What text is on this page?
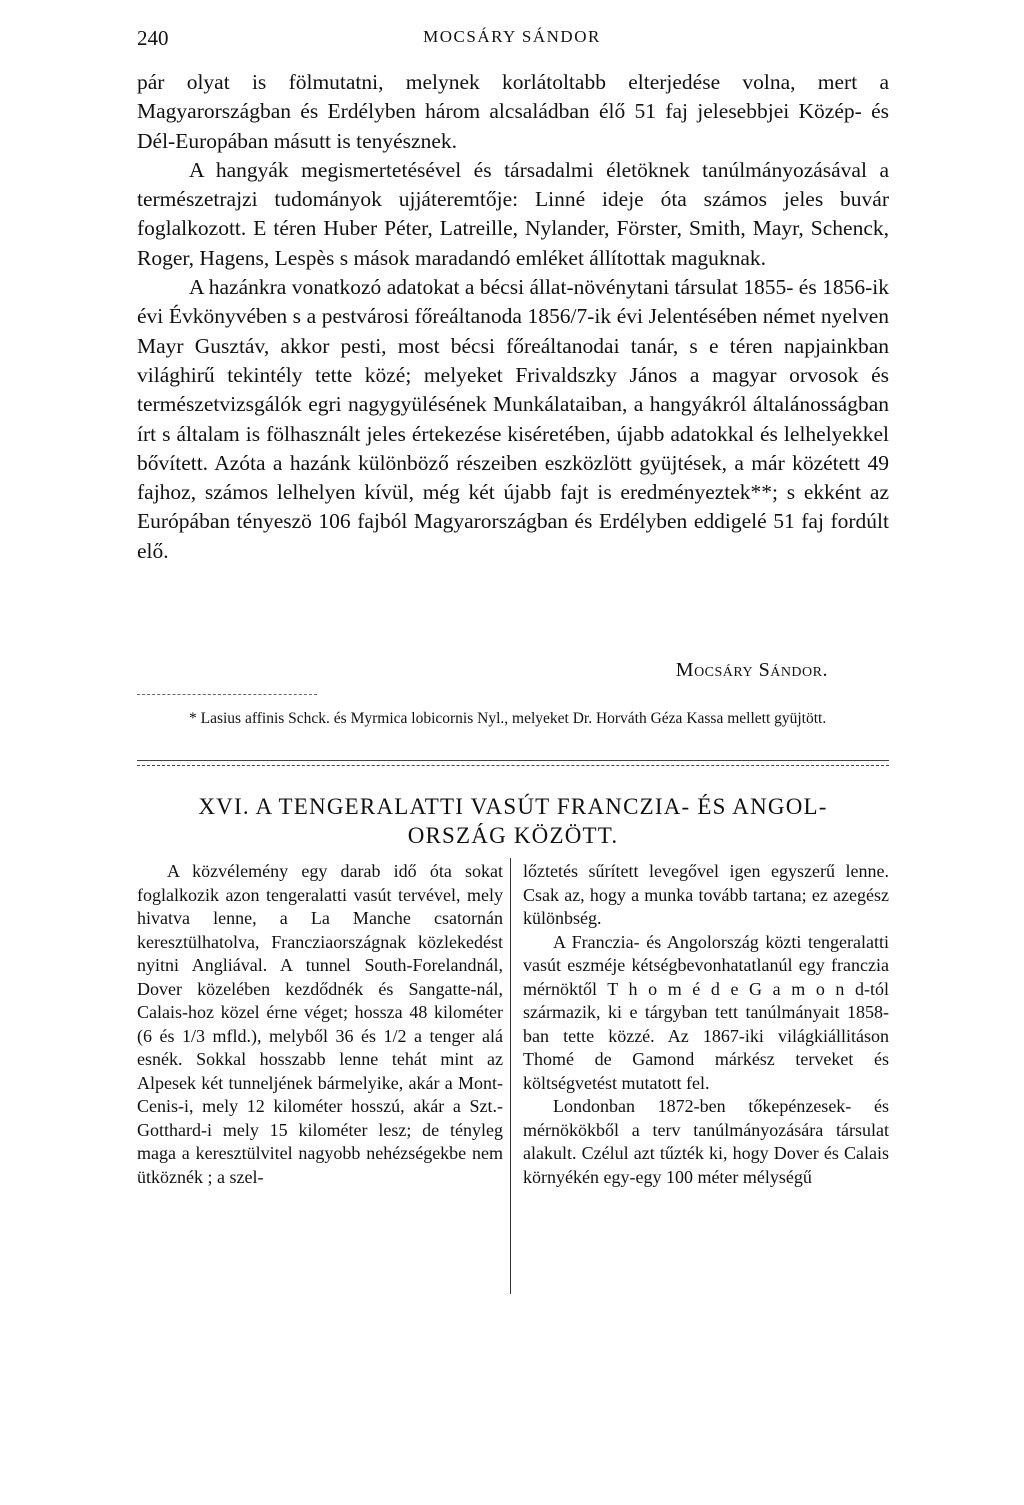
240	MOCSÁRY SÁNDOR

pár olyat is fölmutatni, melynek korlátoltabb elterjedése volna, mert a Magyarországban és Erdélyben három alcsaládban élő 51 faj jelesebbjei Közép- és Dél-Europában másutt is tenyésznek.

A hangyák megismertetésével és társadalmi életöknek tanúlmányozásával a természetrajzi tudományok ujjáteremtője: Linné ideje óta számos jeles buvár foglalkozott. E téren Huber Péter, Latreille, Nylander, Förster, Smith, Mayr, Schenck, Roger, Hagens, Lespès s mások maradandó emléket állítottak maguknak.

A hazánkra vonatkozó adatokat a bécsi állat-növénytani társulat 1855- és 1856-ik évi Évkönyvében s a pestvárosi főreáltanoda 1856/7-ik évi Jelentésében német nyelven Mayr Gusztáv, akkor pesti, most bécsi főreáltanodai tanár, s e téren napjainkban világhirű tekintély tette közé; melyeket Frivaldszky János a magyar orvosok és természetvizsgálók egri nagygyülésének Munkálataiban, a hangyákról általánosságban írt s általam is fölhasznált jeles értekezése kiséretében, újabb adatokkal és lelhelyekkel bővített. Azóta a hazánk különböző részeiben eszközlött gyüjtések, a már közétett 49 fajhoz, számos lelhelyen kívül, még két újabb fajt is eredményeztek**; s ekként az Európában tényeszö 106 fajból Magyarországban és Erdélyben eddigelé 51 faj fordúlt elő.

Mocsáry Sándor.
* Lasius affinis Schck. és Myrmica lobicornis Nyl., melyeket Dr. Horváth Géza Kassa mellett gyüjtött.
XVI. A TENGERALATTI VASÚT FRANCZIA- ÉS ANGOL-
ORSZÁG KÖZÖTT.

A közvélemény egy darab idő óta sokat foglalkozik azon tengeralatti vasút tervével, mely hivatva lenne, a La Manche csatornán keresztülhatolva, Francziaországnak közlekedést nyitni Angliával. A tunnel South-Forelandnál, Dover közelében kezdődnék és Sangatte-nál, Calais-hoz közel érne véget; hossza 48 kilométer (6 és 1/3 mfld.), melyből 36 és 1/2 a tenger alá esnék. Sokkal hosszabb lenne tehát mint az Alpesek két tunneljének bármelyike, akár a Mont-Cenis-i, mely 12 kilométer hosszú, akár a Szt.-Gotthard-i mely 15 kilométer lesz; de tényleg maga a keresztülvitel nagyobb nehézségekbe nem ütköznék ; a szel-

lőztetés sűrített levegővel igen egyszerű lenne. Csak az, hogy a munka tovább tartana; ez azegész különbség.

A Franczia- és Angolország közti tengeralatti vasút eszméje kétségbevonhatatlanúl egy franczia mérnöktől T h o m é d e G a m o n d-tól származik, ki e tárgyban tett tanúlmányait 1858-ban tette közzé. Az 1867-iki világkiállitáson Thomé de Gamond márkész terveket és költségvetést mutatott fel.

Londonban 1872-ben tőkepénzesek- és mérnökökből a terv tanúlmányozására társulat alakult. Czélul azt tűzték ki, hogy Dover és Calais környékén egy-egy 100 méter mélységű
